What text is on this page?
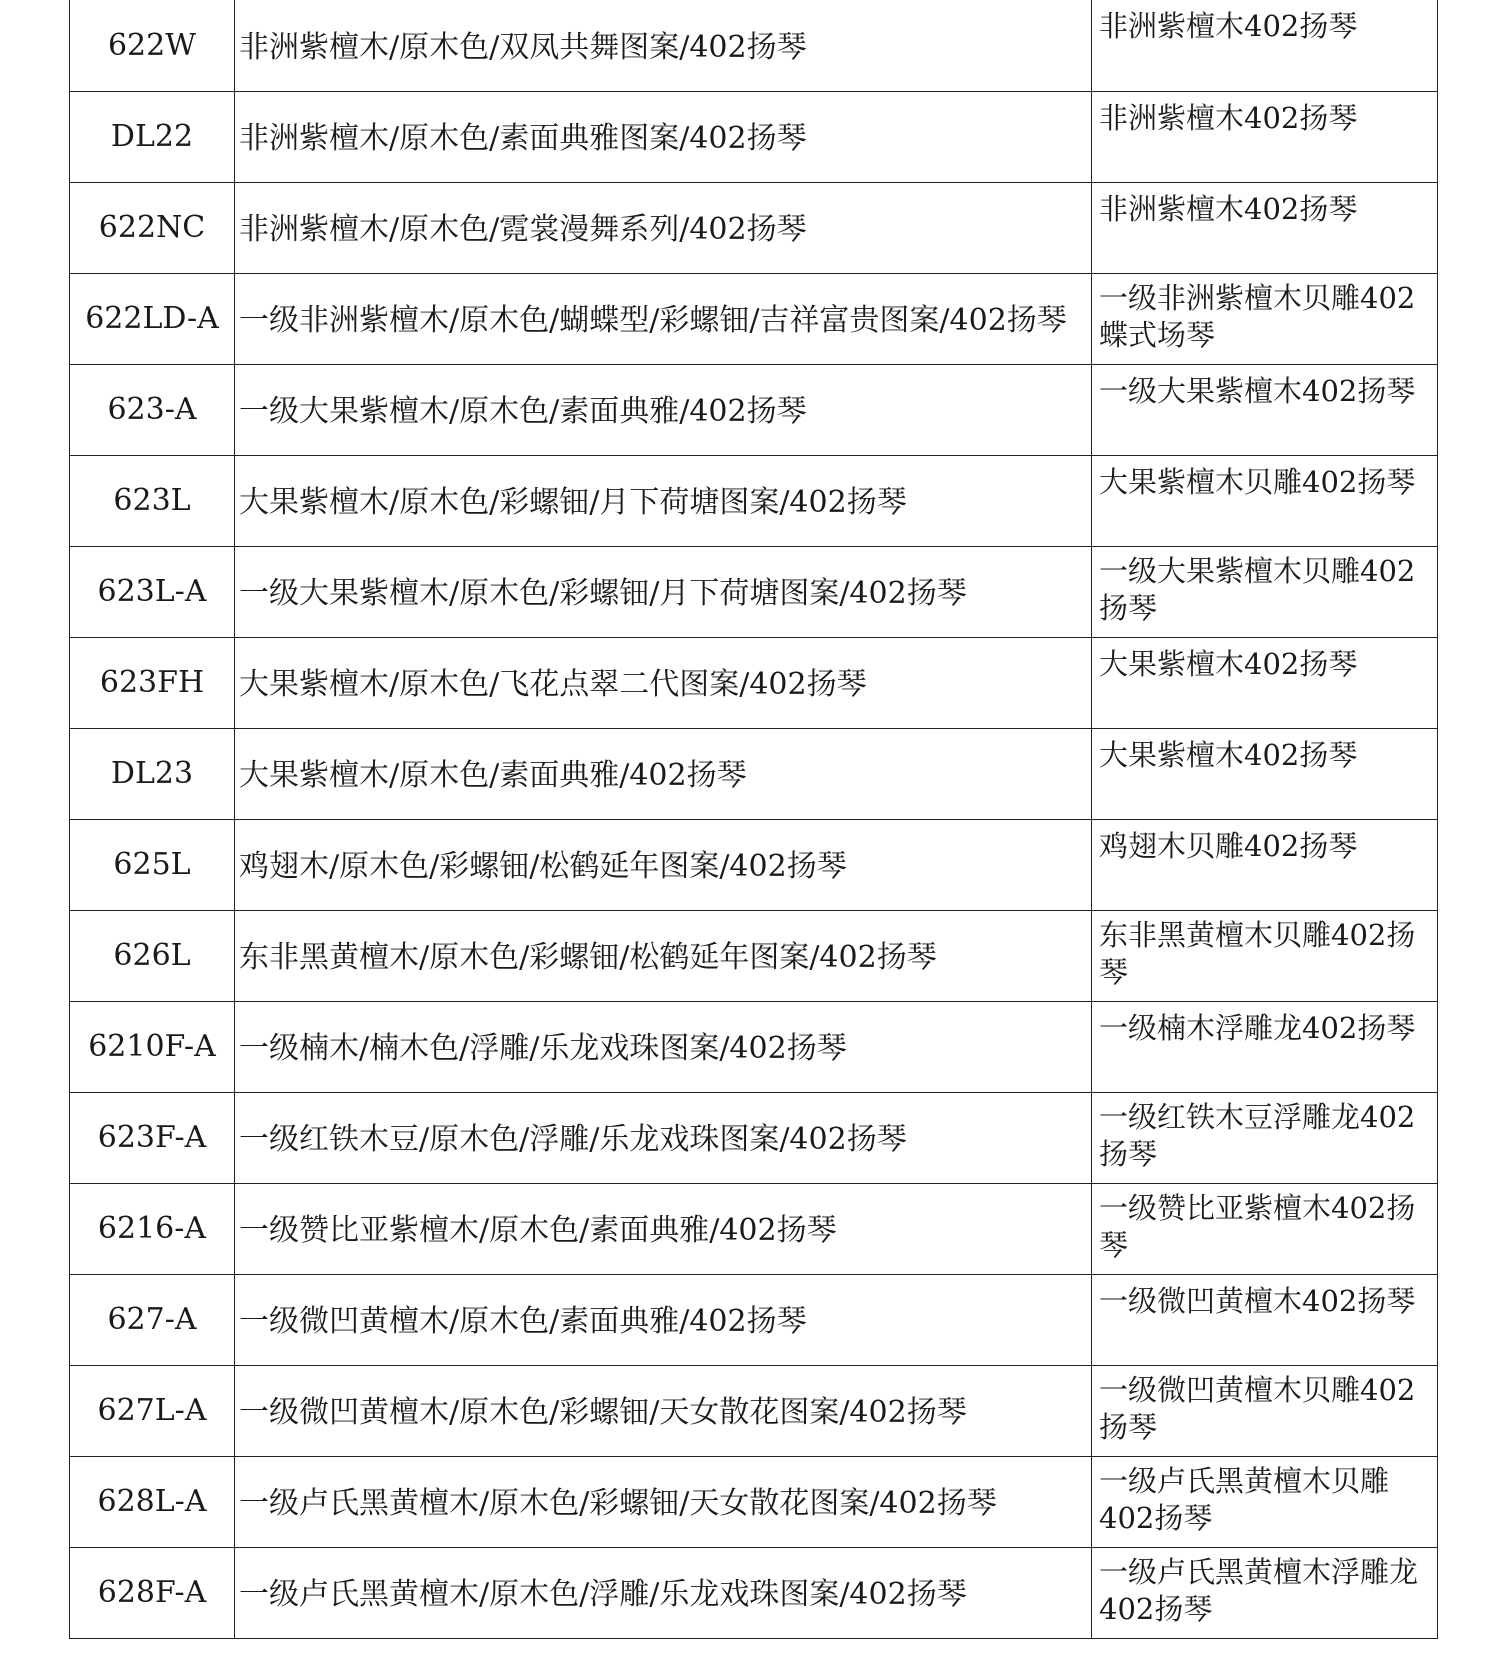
622W	非洲紫檀木/原木色/双凤共舞图案/402扬琴	非洲紫檀木402扬琴
DL22	非洲紫檀木/原木色/素面典雅图案/402扬琴	非洲紫檀木402扬琴
622NC	非洲紫檀木/原木色/霓裳漫舞系列/402扬琴	非洲紫檀木402扬琴
622LD-A	一级非洲紫檀木/原木色/蝴蝶型/彩螺钿/吉祥富贵图案/402扬琴	一级非洲紫檀木贝雕402蝶式场琴
623-A	一级大果紫檀木/原木色/素面典雅/402扬琴	一级大果紫檀木402扬琴
623L	大果紫檀木/原木色/彩螺钿/月下荷塘图案/402扬琴	大果紫檀木贝雕402扬琴
623L-A	一级大果紫檀木/原木色/彩螺钿/月下荷塘图案/402扬琴	一级大果紫檀木贝雕402扬琴
623FH	大果紫檀木/原木色/飞花点翠二代图案/402扬琴	大果紫檀木402扬琴
DL23	大果紫檀木/原木色/素面典雅/402扬琴	大果紫檀木402扬琴
625L	鸡翅木/原木色/彩螺钿/松鹤延年图案/402扬琴	鸡翅木贝雕402扬琴
626L	东非黑黄檀木/原木色/彩螺钿/松鹤延年图案/402扬琴	东非黑黄檀木贝雕402扬琴
6210F-A	一级楠木/楠木色/浮雕/乐龙戏珠图案/402扬琴	一级楠木浮雕龙402扬琴
623F-A	一级红铁木豆/原木色/浮雕/乐龙戏珠图案/402扬琴	一级红铁木豆浮雕龙402扬琴
6216-A	一级赞比亚紫檀木/原木色/素面典雅/402扬琴	一级赞比亚紫檀木402扬琴
627-A	一级微凹黄檀木/原木色/素面典雅/402扬琴	一级微凹黄檀木402扬琴
627L-A	一级微凹黄檀木/原木色/彩螺钿/天女散花图案/402扬琴	一级微凹黄檀木贝雕402扬琴
628L-A	一级卢氏黑黄檀木/原木色/彩螺钿/天女散花图案/402扬琴	一级卢氏黑黄檀木贝雕402扬琴
628F-A	一级卢氏黑黄檀木/原木色/浮雕/乐龙戏珠图案/402扬琴	一级卢氏黑黄檀木浮雕龙402扬琴
